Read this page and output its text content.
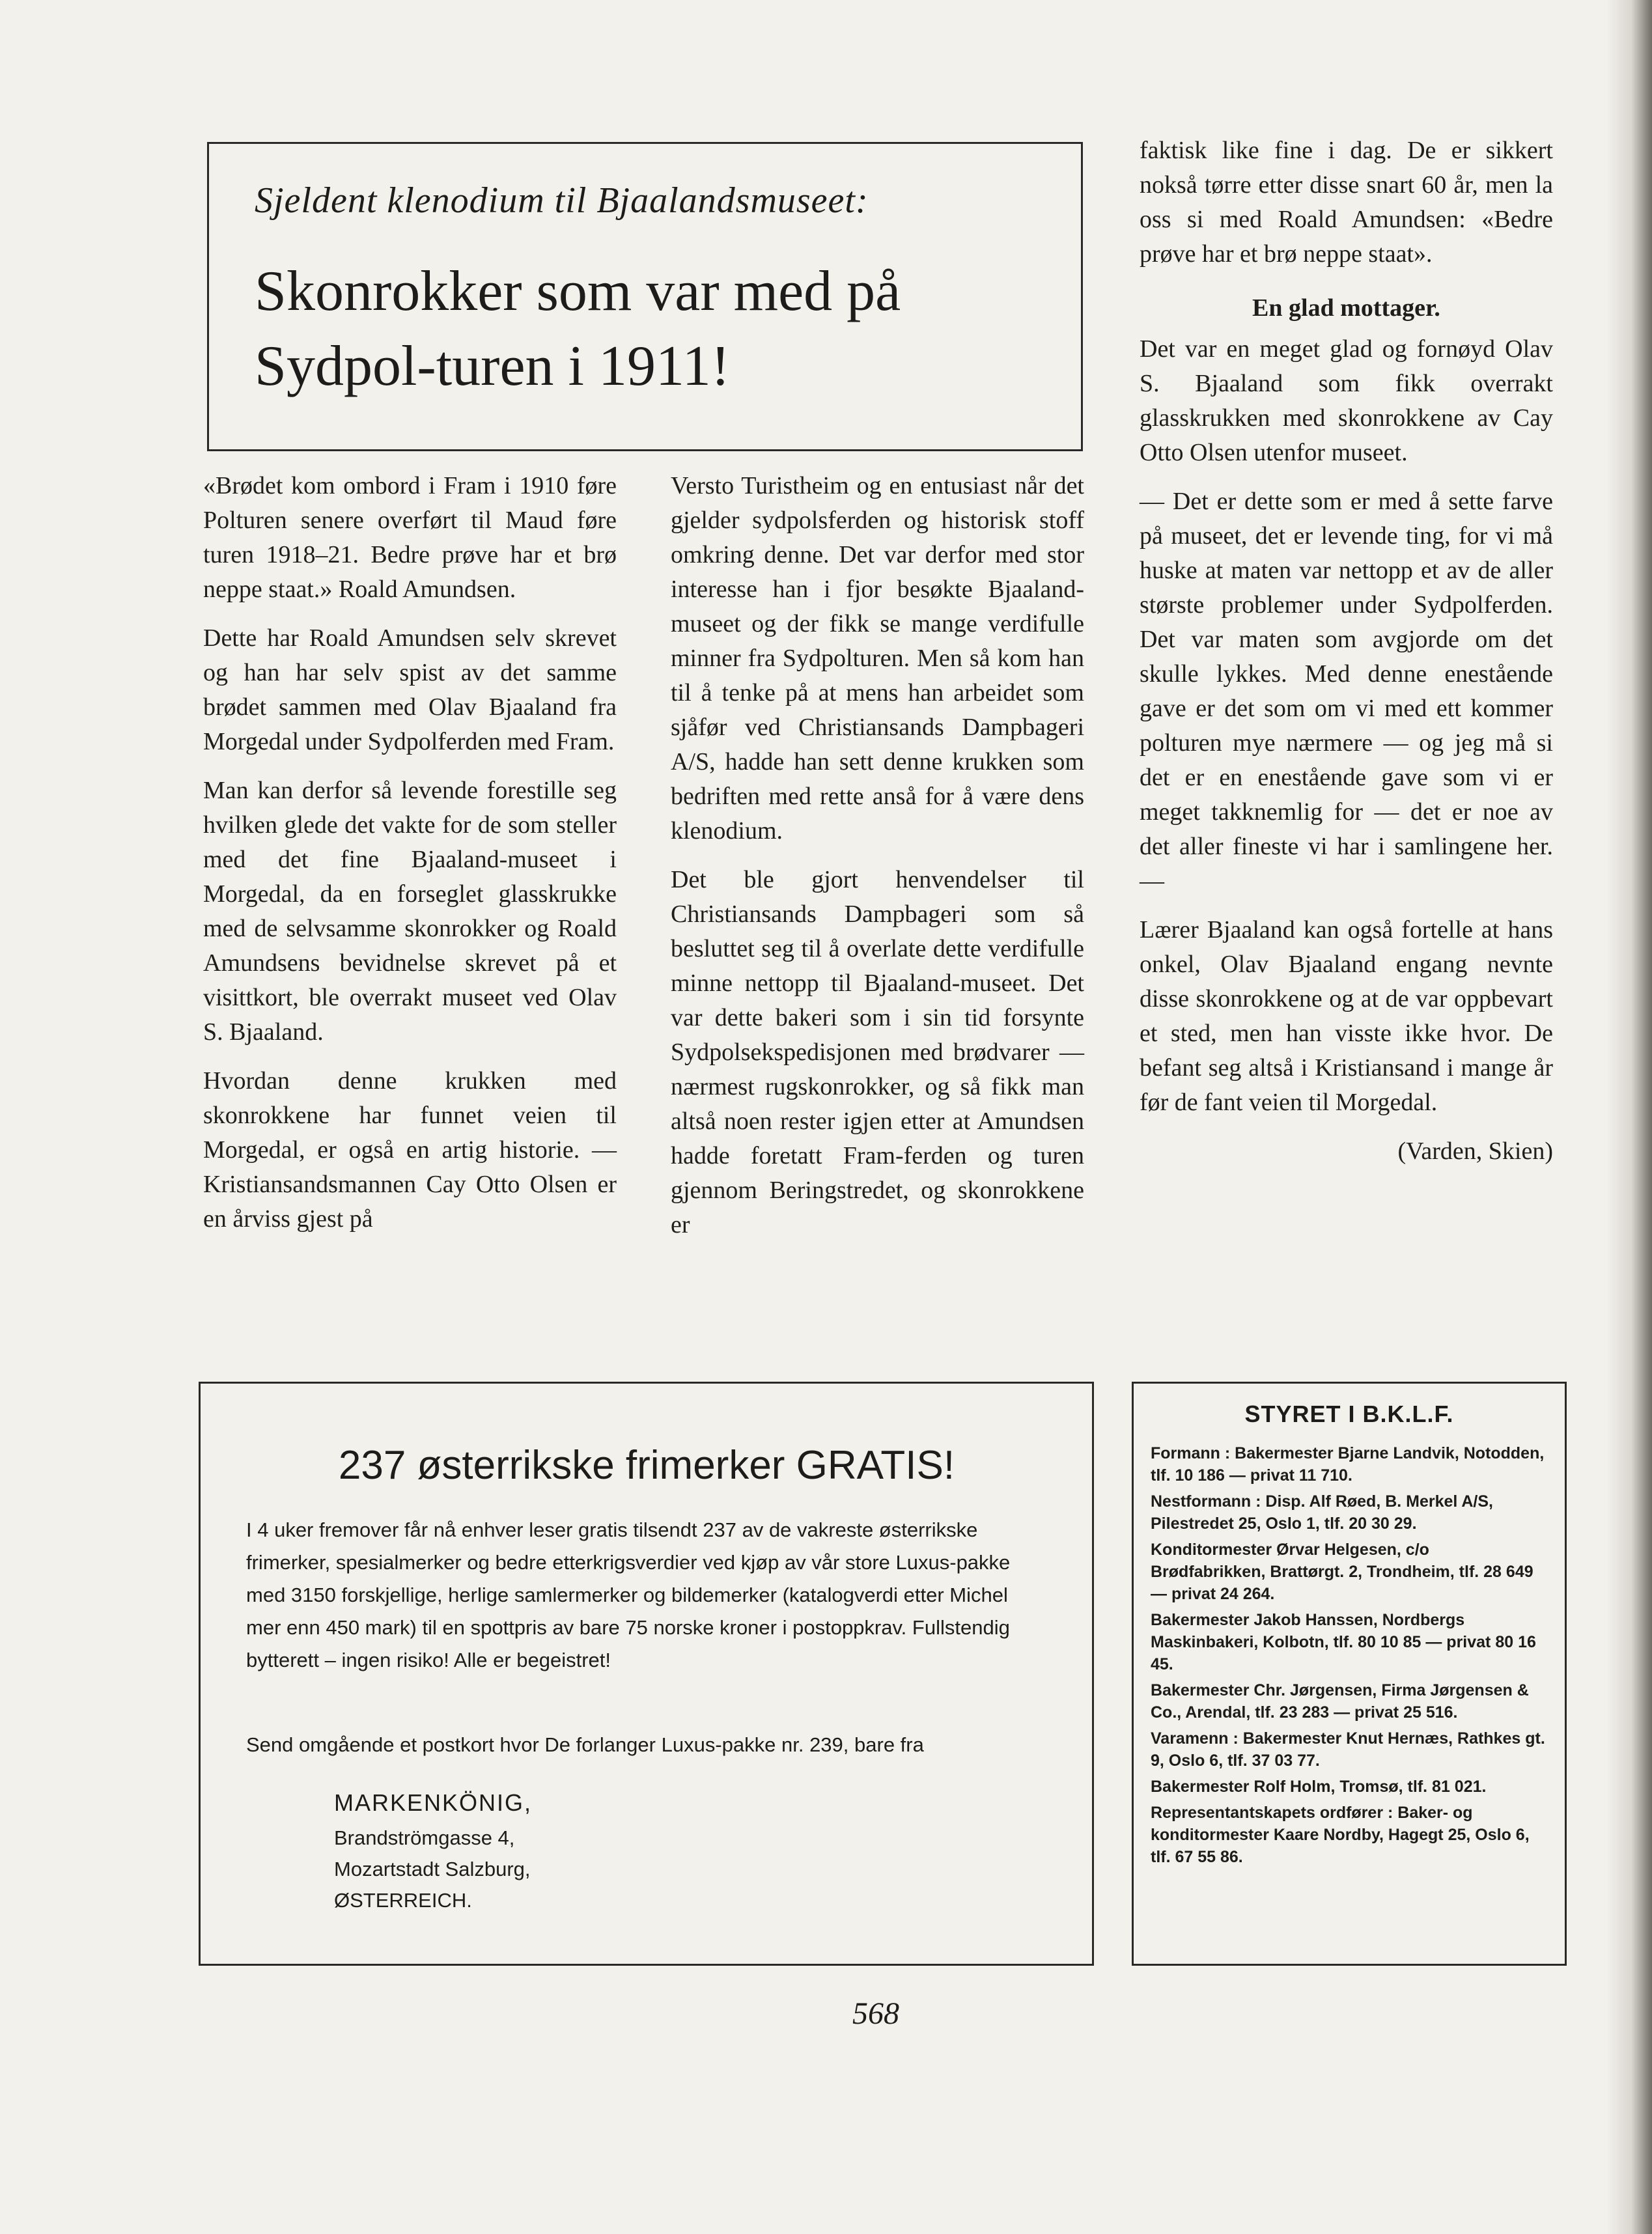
Sjeldent klenodium til Bjaalandsmuseet:
Skonrokker som var med på
Sydpol-turen i 1911!

«Brødet kom ombord i Fram i 1910 føre Polturen senere overført til Maud føre turen 1918–21. Bedre prøve har et brø neppe staat.» Roald Amundsen.

Dette har Roald Amundsen selv skrevet og han har selv spist av det samme brødet sammen med Olav Bjaaland fra Morgedal under Sydpolferden med Fram.

Man kan derfor så levende forestille seg hvilken glede det vakte for de som steller med det fine Bjaaland-museet i Morgedal, da en forseglet glasskrukke med de selvsamme skonrokker og Roald Amundsens bevidnelse skrevet på et visittkort, ble overrakt museet ved Olav S. Bjaaland.

Hvordan denne krukken med skonrokkene har funnet veien til Morgedal, er også en artig historie. — Kristiansandsmannen Cay Otto Olsen er en årviss gjest på

Versto Turistheim og en entusiast når det gjelder sydpolsferden og historisk stoff omkring denne. Det var derfor med stor interesse han i fjor besøkte Bjaaland-museet og der fikk se mange verdifulle minner fra Sydpolturen. Men så kom han til å tenke på at mens han arbeidet som sjåfør ved Christiansands Dampbageri A/S, hadde han sett denne krukken som bedriften med rette anså for å være dens klenodium.

Det ble gjort henvendelser til Christiansands Dampbageri som så besluttet seg til å overlate dette verdifulle minne nettopp til Bjaaland-museet. Det var dette bakeri som i sin tid forsynte Sydpolsekspedisjonen med brødvarer — nærmest rugskonrokker, og så fikk man altså noen rester igjen etter at Amundsen hadde foretatt Fram-ferden og turen gjennom Beringstredet, og skonrokkene er

faktisk like fine i dag. De er sikkert nokså tørre etter disse snart 60 år, men la oss si med Roald Amundsen: «Bedre prøve har et brø neppe staat».

En glad mottager.

Det var en meget glad og fornøyd Olav S. Bjaaland som fikk overrakt glasskrukken med skonrokkene av Cay Otto Olsen utenfor museet.

— Det er dette som er med å sette farve på museet, det er levende ting, for vi må huske at maten var nettopp et av de aller største problemer under Sydpolferden. Det var maten som avgjorde om det skulle lykkes. Med denne enestående gave er det som om vi med ett kommer polturen mye nærmere — og jeg må si det er en enestående gave som vi er meget takknemlig for — det er noe av det aller fineste vi har i samlingene her. —

Lærer Bjaaland kan også fortelle at hans onkel, Olav Bjaaland engang nevnte disse skonrokkene og at de var oppbevart et sted, men han visste ikke hvor. De befant seg altså i Kristiansand i mange år før de fant veien til Morgedal.

(Varden, Skien)
237 østerrikske frimerker GRATIS!
I 4 uker fremover får nå enhver leser gratis tilsendt 237 av de vakreste østerrikske frimerker, spesialmerker og bedre etterkrigsverdier ved kjøp av vår store Luxus-pakke med 3150 forskjellige, herlige samlermerker og bildemerker (katalogverdi etter Michel mer enn 450 mark) til en spottpris av bare 75 norske kroner i postoppkrav. Fullstendig bytterett – ingen risiko! Alle er begeistret!
Send omgående et postkort hvor De forlanger Luxus-pakke nr. 239, bare fra
MARKENKÖNIG,
Brandströmgasse 4,
Mozartstadt Salzburg,
ØSTERREICH.
STYRET I B.K.L.F.
Formann : Bakermester Bjarne Landvik, Notodden, tlf. 10 186 — privat 11 710.
Nestformann : Disp. Alf Røed, B. Merkel A/S, Pilestredet 25, Oslo 1, tlf. 20 30 29.
Konditormester Ørvar Helgesen, c/o Brødfabrikken, Brattørgt. 2, Trondheim, tlf. 28 649 — privat 24 264.
Bakermester Jakob Hanssen, Nordbergs Maskinbakeri, Kolbotn, tlf. 80 10 85 — privat 80 16 45.
Bakermester Chr. Jørgensen, Firma Jørgensen & Co., Arendal, tlf. 23 283 — privat 25 516.
Varamenn : Bakermester Knut Hernæs, Rathkes gt. 9, Oslo 6, tlf. 37 03 77.
Bakermester Rolf Holm, Tromsø, tlf. 81 021.
Representantskapets ordfører : Baker- og konditormester Kaare Nordby, Hagegt 25, Oslo 6, tlf. 67 55 86.
568
